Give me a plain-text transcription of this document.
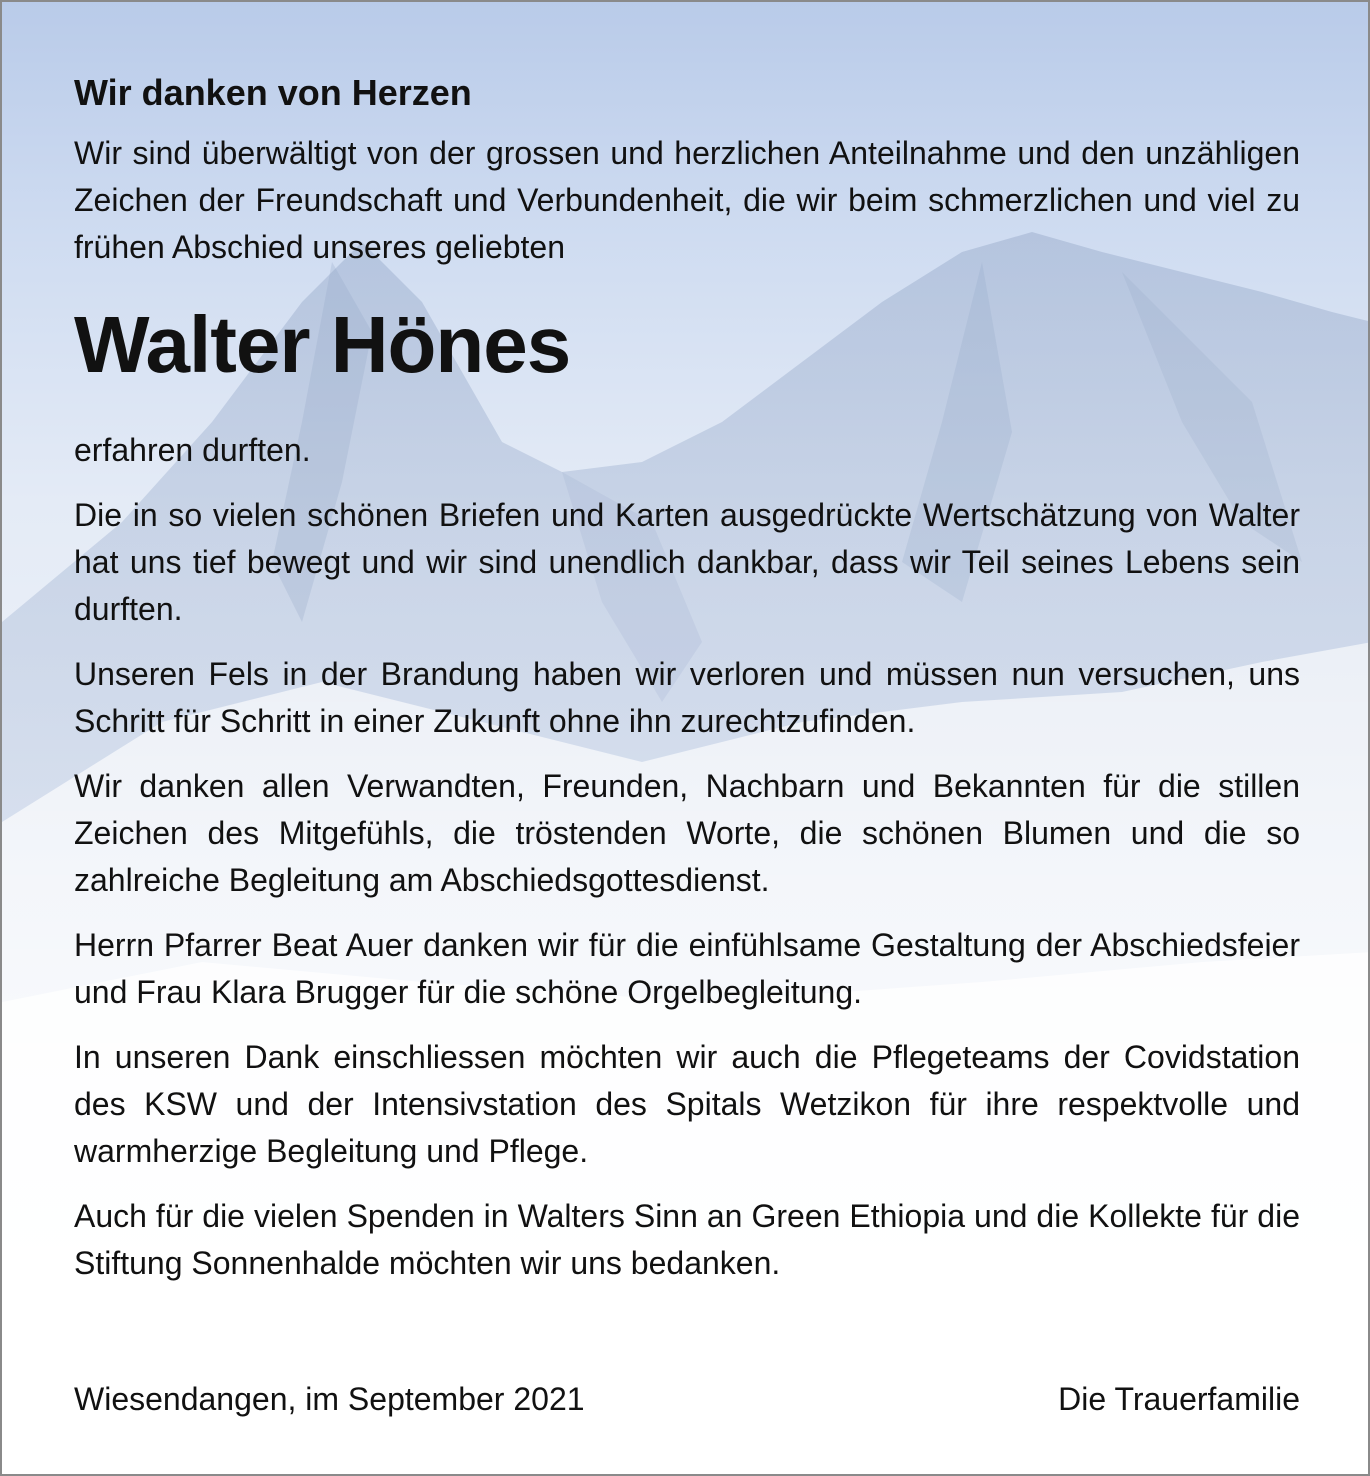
Wir danken von Herzen

Wir sind überwältigt von der grossen und herzlichen Anteilnahme und den unzähligen Zeichen der Freundschaft und Verbundenheit, die wir beim schmerzlichen und viel zu frühen Abschied unseres geliebten

Walter Hönes

erfahren durften.

Die in so vielen schönen Briefen und Karten ausgedrückte Wertschätzung von Walter hat uns tief bewegt und wir sind unendlich dankbar, dass wir Teil seines Lebens sein durften.

Unseren Fels in der Brandung haben wir verloren und müssen nun versuchen, uns Schritt für Schritt in einer Zukunft ohne ihn zurechtzufinden.

Wir danken allen Verwandten, Freunden, Nachbarn und Bekannten für die stillen Zeichen des Mitgefühls, die tröstenden Worte, die schönen Blumen und die so zahlreiche Begleitung am Abschiedsgottesdienst.

Herrn Pfarrer Beat Auer danken wir für die einfühlsame Gestaltung der Abschiedsfeier und Frau Klara Brugger für die schöne Orgelbegleitung.

In unseren Dank einschliessen möchten wir auch die Pflegeteams der Covidstation des KSW und der Intensivstation des Spitals Wetzikon für ihre respektvolle und warmherzige Begleitung und Pflege.

Auch für die vielen Spenden in Walters Sinn an Green Ethiopia und die Kollekte für die Stiftung Sonnenhalde möchten wir uns bedanken.

Wiesendangen, im September 2021	Die Trauerfamilie
